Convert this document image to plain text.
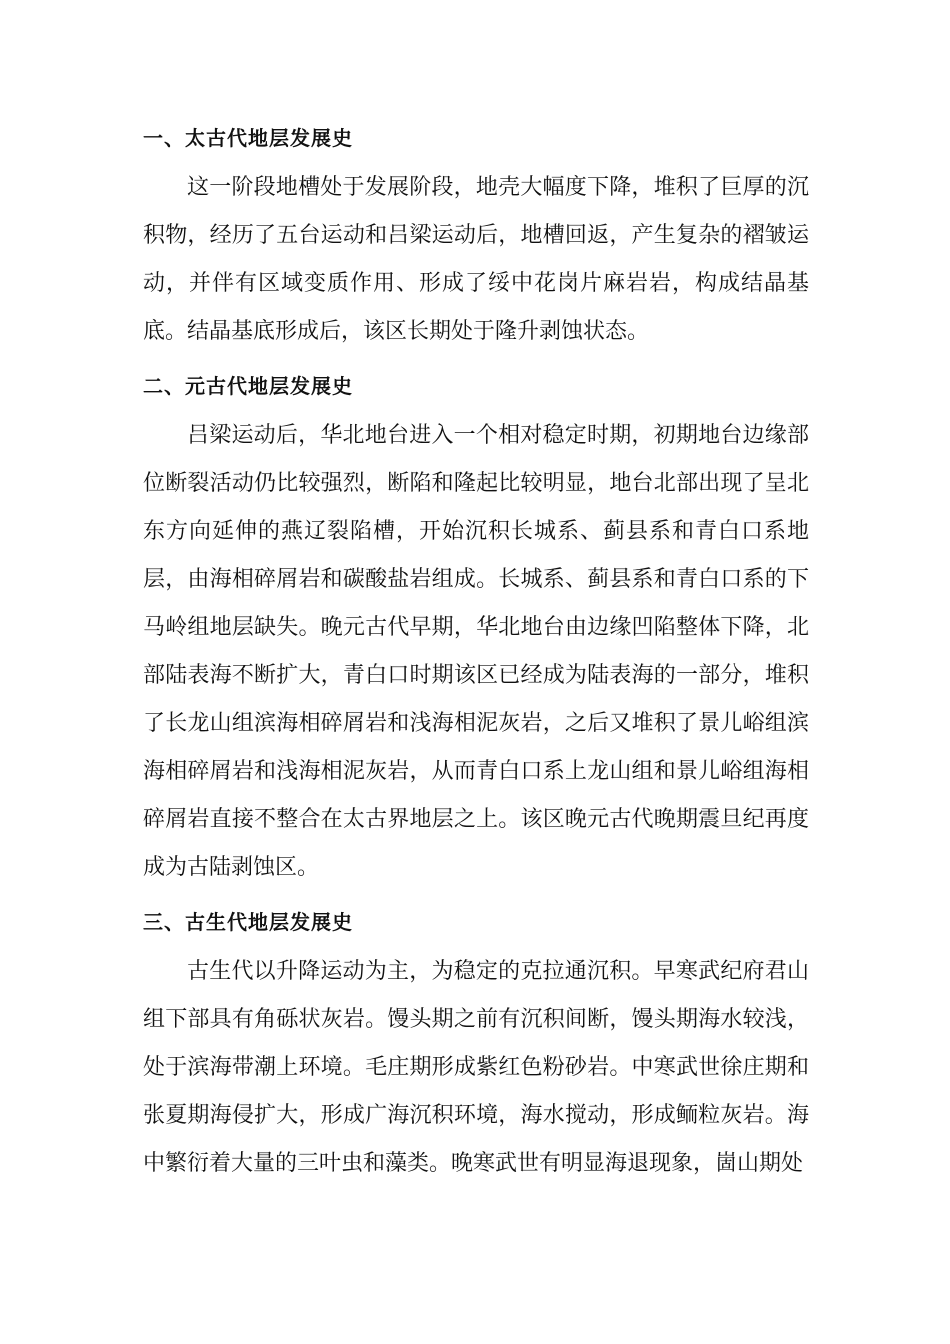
一、太古代地层发展史

这一阶段地槽处于发展阶段，地壳大幅度下降，堆积了巨厚的沉积物，经历了五台运动和吕梁运动后，地槽回返，产生复杂的褶皱运动，并伴有区域变质作用、形成了绥中花岗片麻岩岩，构成结晶基底。结晶基底形成后，该区长期处于隆升剥蚀状态。

二、元古代地层发展史

吕梁运动后，华北地台进入一个相对稳定时期，初期地台边缘部位断裂活动仍比较强烈，断陷和隆起比较明显，地台北部出现了呈北东方向延伸的燕辽裂陷槽，开始沉积长城系、蓟县系和青白口系地层，由海相碎屑岩和碳酸盐岩组成。长城系、蓟县系和青白口系的下马岭组地层缺失。晚元古代早期，华北地台由边缘凹陷整体下降，北部陆表海不断扩大，青白口时期该区已经成为陆表海的一部分，堆积了长龙山组滨海相碎屑岩和浅海相泥灰岩，之后又堆积了景儿峪组滨海相碎屑岩和浅海相泥灰岩，从而青白口系上龙山组和景儿峪组海相碎屑岩直接不整合在太古界地层之上。该区晚元古代晚期震旦纪再度成为古陆剥蚀区。

三、古生代地层发展史

古生代以升降运动为主，为稳定的克拉通沉积。早寒武纪府君山组下部具有角砾状灰岩。馒头期之前有沉积间断，馒头期海水较浅，处于滨海带潮上环境。毛庄期形成紫红色粉砂岩。中寒武世徐庄期和张夏期海侵扩大，形成广海沉积环境，海水搅动，形成鲕粒灰岩。海中繁衍着大量的三叶虫和藻类。晚寒武世有明显海退现象，崮山期处
